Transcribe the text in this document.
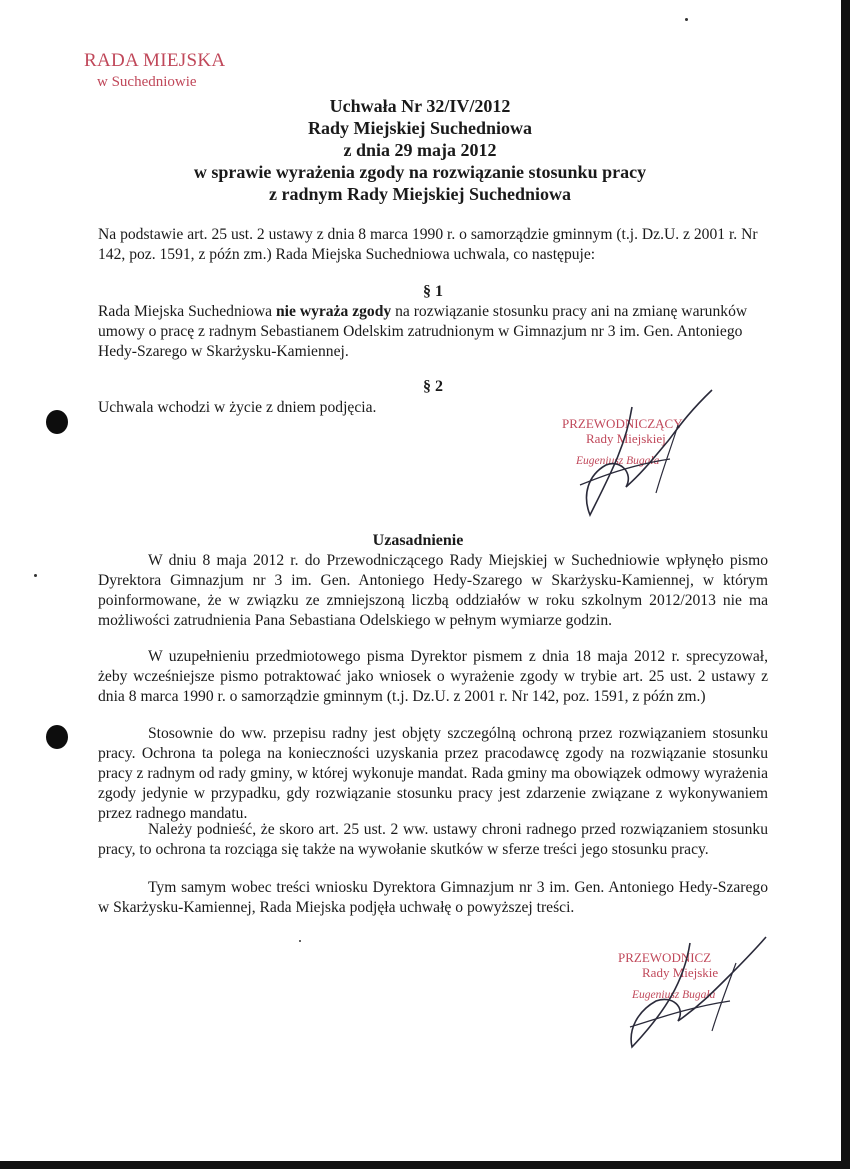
RADA MIEJSKA
w Suchedniowie
Uchwała Nr 32/IV/2012
Rady Miejskiej Suchedniowa
z dnia 29 maja 2012
w sprawie wyrażenia zgody na rozwiązanie stosunku pracy
z radnym Rady Miejskiej Suchedniowa
Na podstawie art. 25 ust. 2 ustawy z dnia 8 marca 1990 r. o samorządzie gminnym (t.j. Dz.U. z 2001 r. Nr 142, poz. 1591, z późn zm.) Rada Miejska Suchedniowa uchwala, co następuje:
§ 1
Rada Miejska Suchedniowa nie wyraża zgody na rozwiązanie stosunku pracy ani na zmianę warunków umowy o pracę z radnym Sebastianem Odelskim zatrudnionym w Gimnazjum nr 3 im. Gen. Antoniego Hedy-Szarego w Skarżysku-Kamiennej.
§ 2
Uchwala wchodzi w życie z dniem podjęcia.
PRZEWODNICZĄCY
Rady Miejskiej
Eugeniusz Bugała
Uzasadnienie
W dniu 8 maja 2012 r. do Przewodniczącego Rady Miejskiej w Suchedniowie wpłynęło pismo Dyrektora Gimnazjum nr 3 im. Gen. Antoniego Hedy-Szarego w Skarżysku-Kamiennej, w którym poinformowane, że w związku ze zmniejszoną liczbą oddziałów w roku szkolnym 2012/2013 nie ma możliwości zatrudnienia Pana Sebastiana Odelskiego w pełnym wymiarze godzin.
W uzupełnieniu przedmiotowego pisma Dyrektor pismem z dnia 18 maja 2012 r. sprecyzował, żeby wcześniejsze pismo potraktować jako wniosek o wyrażenie zgody w trybie art. 25 ust. 2 ustawy z dnia 8 marca 1990 r. o samorządzie gminnym (t.j. Dz.U. z 2001 r. Nr 142, poz. 1591, z późn zm.)
Stosownie do ww. przepisu radny jest objęty szczególną ochroną przez rozwiązaniem stosunku pracy. Ochrona ta polega na konieczności uzyskania przez pracodawcę zgody na rozwiązanie stosunku pracy z radnym od rady gminy, w której wykonuje mandat. Rada gminy ma obowiązek odmowy wyrażenia zgody jedynie w przypadku, gdy rozwiązanie stosunku pracy jest zdarzenie związane z wykonywaniem przez radnego mandatu.
Należy podnieść, że skoro art. 25 ust. 2 ww. ustawy chroni radnego przed rozwiązaniem stosunku pracy, to ochrona ta rozciąga się także na wywołanie skutków w sferze treści jego stosunku pracy.
Tym samym wobec treści wniosku Dyrektora Gimnazjum nr 3 im. Gen. Antoniego Hedy-Szarego w Skarżysku-Kamiennej, Rada Miejska podjęła uchwałę o powyższej treści.
PRZEWODNICZ
Rady Miejskie
Eugeniusz Bugała
